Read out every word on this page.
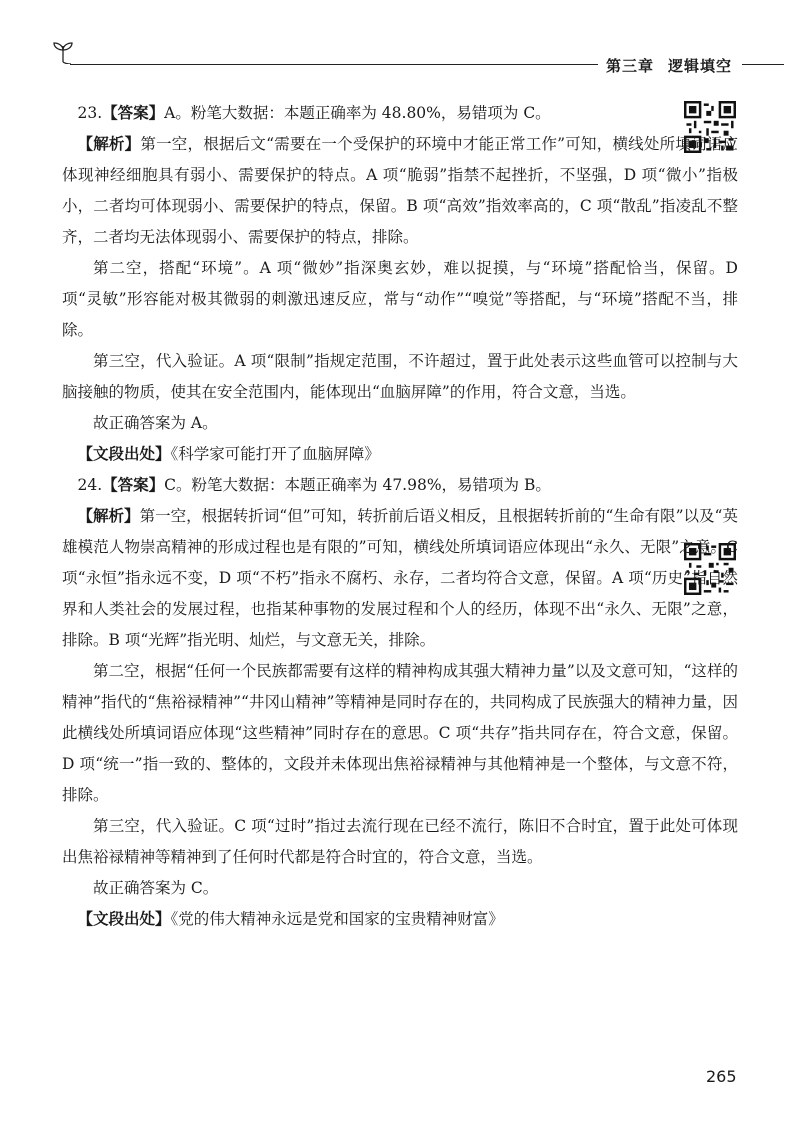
第三章 逻辑填空

23.【答案】A。粉笔大数据：本题正确率为 48.80%，易错项为 C。

【解析】第一空，根据后文“需要在一个受保护的环境中才能正常工作”可知，横线处所填词语应体现神经细胞具有弱小、需要保护的特点。A 项“脆弱”指禁不起挫折，不坚强，D 项“微小”指极小，二者均可体现弱小、需要保护的特点，保留。B 项“高效”指效率高的，C 项“散乱”指凌乱不整齐，二者均无法体现弱小、需要保护的特点，排除。

第二空，搭配“环境”。A 项“微妙”指深奥玄妙，难以捉摸，与“环境”搭配恰当，保留。D 项“灵敏”形容能对极其微弱的刺激迅速反应，常与“动作”“嗅觉”等搭配，与“环境”搭配不当，排除。

第三空，代入验证。A 项“限制”指规定范围，不许超过，置于此处表示这些血管可以控制与大脑接触的物质，使其在安全范围内，能体现出“血脑屏障”的作用，符合文意，当选。

故正确答案为 A。

【文段出处】《科学家可能打开了血脑屏障》

24.【答案】C。粉笔大数据：本题正确率为 47.98%，易错项为 B。

【解析】第一空，根据转折词“但”可知，转折前后语义相反，且根据转折前的“生命有限”以及“英雄模范人物崇高精神的形成过程也是有限的”可知，横线处所填词语应体现出“永久、无限”之意。C 项“永恒”指永远不变，D 项“不朽”指永不腐朽、永存，二者均符合文意，保留。A 项“历史”指自然界和人类社会的发展过程，也指某种事物的发展过程和个人的经历，体现不出“永久、无限”之意，排除。B 项“光辉”指光明、灿烂，与文意无关，排除。

第二空，根据“任何一个民族都需要有这样的精神构成其强大精神力量”以及文意可知，“这样的精神”指代的“焦裕禄精神”“井冈山精神”等精神是同时存在的，共同构成了民族强大的精神力量，因此横线处所填词语应体现“这些精神”同时存在的意思。C 项“共存”指共同存在，符合文意，保留。D 项“统一”指一致的、整体的，文段并未体现出焦裕禄精神与其他精神是一个整体，与文意不符，排除。

第三空，代入验证。C 项“过时”指过去流行现在已经不流行，陈旧不合时宜，置于此处可体现出焦裕禄精神等精神到了任何时代都是符合时宜的，符合文意，当选。

故正确答案为 C。

【文段出处】《党的伟大精神永远是党和国家的宝贵精神财富》

265
